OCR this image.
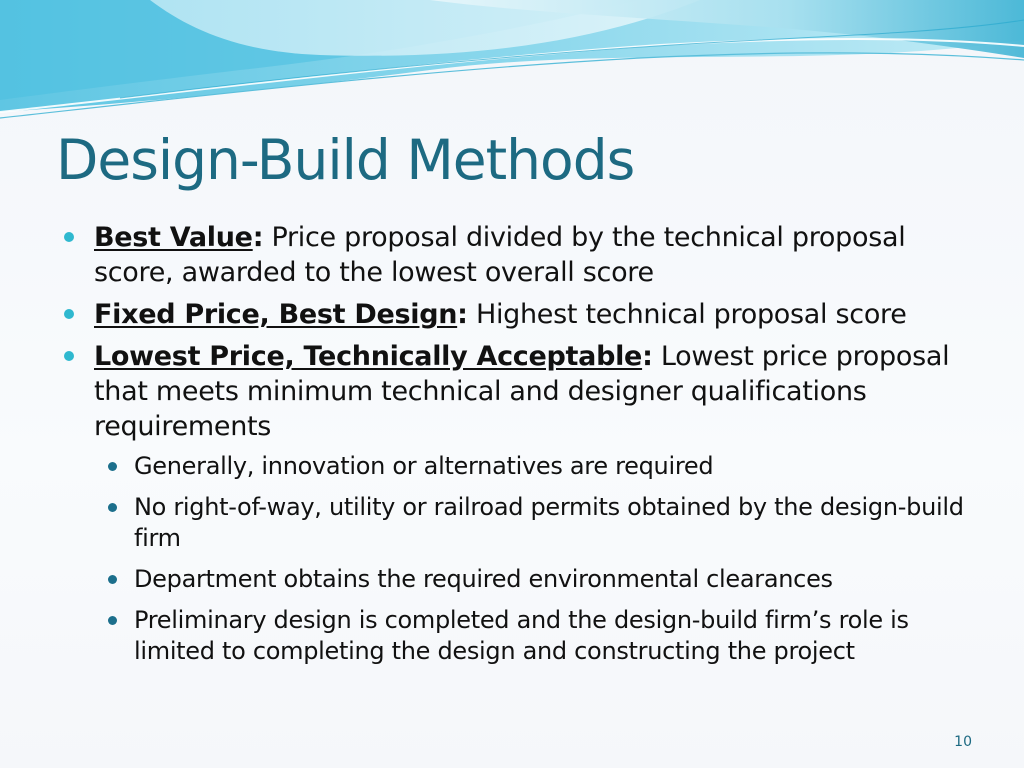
Design-Build Methods
Best Value: Price proposal divided by the technical proposal score, awarded to the lowest overall score
Fixed Price, Best Design: Highest technical proposal score
Lowest Price, Technically Acceptable: Lowest price proposal that meets minimum technical and designer qualifications requirements
Generally, innovation or alternatives are required
No right-of-way, utility or railroad permits obtained by the design-build firm
Department obtains the required environmental clearances
Preliminary design is completed and the design-build firm’s role is limited to completing the design and constructing the project
10
